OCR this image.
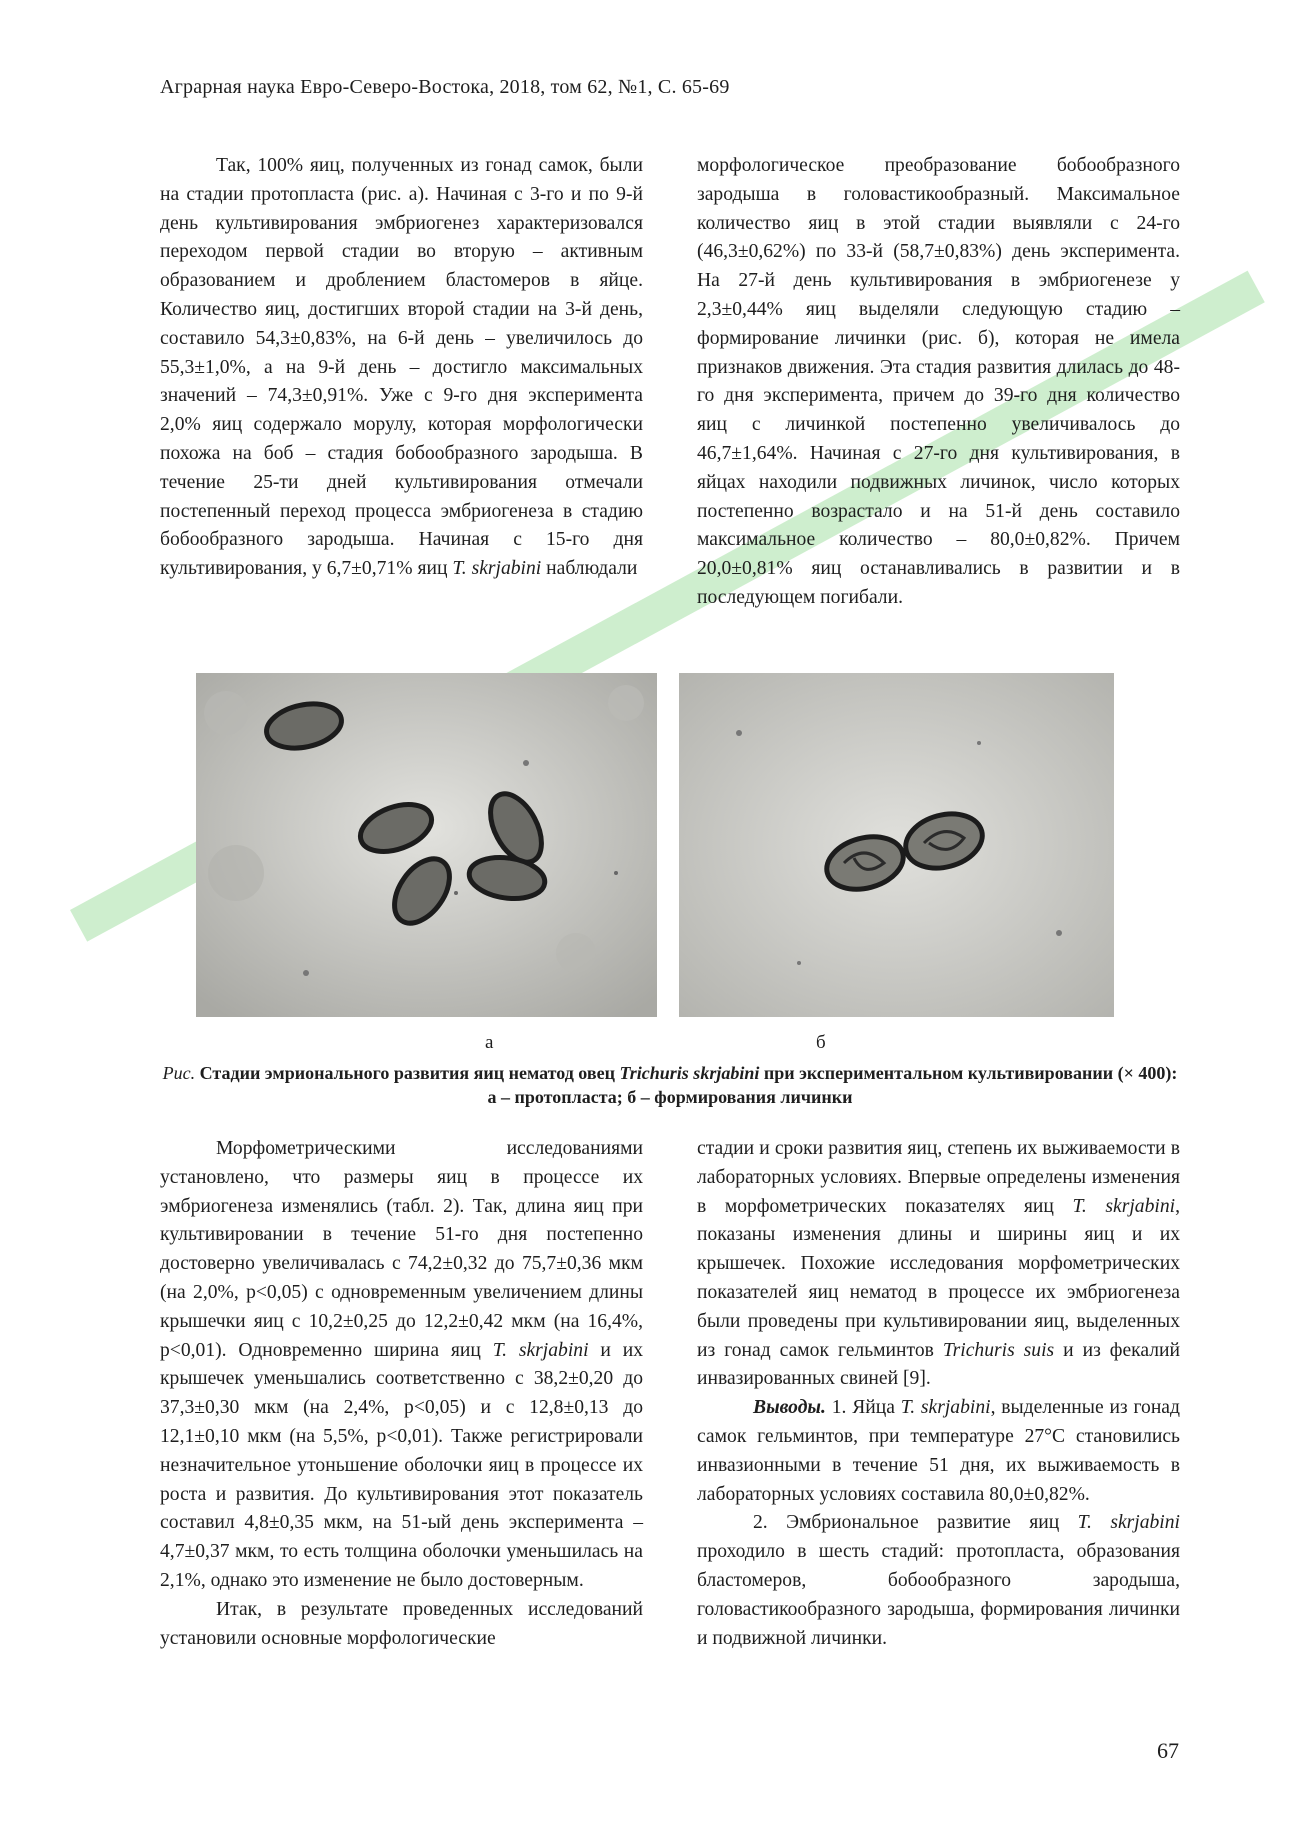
Аграрная наука Евро-Северо-Востока, 2018, том 62, №1, С. 65-69

Так, 100% яиц, полученных из гонад самок, были на стадии протопласта (рис. а). Начиная с 3-го и по 9-й день культивирования эмбриогенез характеризовался переходом первой стадии во вторую – активным образованием и дроблением бластомеров в яйце. Количество яиц, достигших второй стадии на 3-й день, составило 54,3±0,83%, на 6-й день – увеличилось до 55,3±1,0%, а на 9-й день – достигло максимальных значений – 74,3±0,91%. Уже с 9-го дня эксперимента 2,0% яиц содержало морулу, которая морфологически похожа на боб – стадия бобообразного зародыша. В течение 25-ти дней культивирования отмечали постепенный переход процесса эмбриогенеза в стадию бобообразного зародыша. Начиная с 15-го дня культивирования, у 6,7±0,71% яиц T. skrjabini наблюдали

морфологическое преобразование бобообразного зародыша в головастикообразный. Максимальное количество яиц в этой стадии выявляли с 24-го (46,3±0,62%) по 33-й (58,7±0,83%) день эксперимента. На 27-й день культивирования в эмбриогенезе у 2,3±0,44% яиц выделяли следующую стадию – формирование личинки (рис. б), которая не имела признаков движения. Эта стадия развития длилась до 48-го дня эксперимента, причем до 39-го дня количество яиц с личинкой постепенно увеличивалось до 46,7±1,64%. Начиная с 27-го дня культивирования, в яйцах находили подвижных личинок, число которых постепенно возрастало и на 51-й день составило максимальное количество – 80,0±0,82%. Причем 20,0±0,81% яиц останавливались в развитии и в последующем погибали.

а	б
Рис. Стадии эмрионального развития яиц нематод овец Trichuris skrjabini при экспериментальном культивировании (× 400): а – протопласта; б – формирования личинки

Морфометрическими исследованиями установлено, что размеры яиц в процессе их эмбриогенеза изменялись (табл. 2). Так, длина яиц при культивировании в течение 51-го дня постепенно достоверно увеличивалась с 74,2±0,32 до 75,7±0,36 мкм (на 2,0%, p<0,05) с одновременным увеличением длины крышечки яиц с 10,2±0,25 до 12,2±0,42 мкм (на 16,4%, p<0,01). Одновременно ширина яиц T. skrjabini и их крышечек уменьшались соответственно с 38,2±0,20 до 37,3±0,30 мкм (на 2,4%, p<0,05) и с 12,8±0,13 до 12,1±0,10 мкм (на 5,5%, p<0,01). Также регистрировали незначительное утоньшение оболочки яиц в процессе их роста и развития. До культивирования этот показатель составил 4,8±0,35 мкм, на 51-ый день эксперимента – 4,7±0,37 мкм, то есть толщина оболочки уменьшилась на 2,1%, однако это изменение не было достоверным.

Итак, в результате проведенных исследований установили основные морфологические

стадии и сроки развития яиц, степень их выживаемости в лабораторных условиях. Впервые определены изменения в морфометрических показателях яиц T. skrjabini, показаны изменения длины и ширины яиц и их крышечек. Похожие исследования морфометрических показателей яиц нематод в процессе их эмбриогенеза были проведены при культивировании яиц, выделенных из гонад самок гельминтов Trichuris suis и из фекалий инвазированных свиней [9].

Выводы. 1. Яйца T. skrjabini, выделенные из гонад самок гельминтов, при температуре 27°С становились инвазионными в течение 51 дня, их выживаемость в лабораторных условиях составила 80,0±0,82%.

2. Эмбриональное развитие яиц T. skrjabini проходило в шесть стадий: протопласта, образования бластомеров, бобообразного зародыша, головастикообразного зародыша, формирования личинки и подвижной личинки.

67
